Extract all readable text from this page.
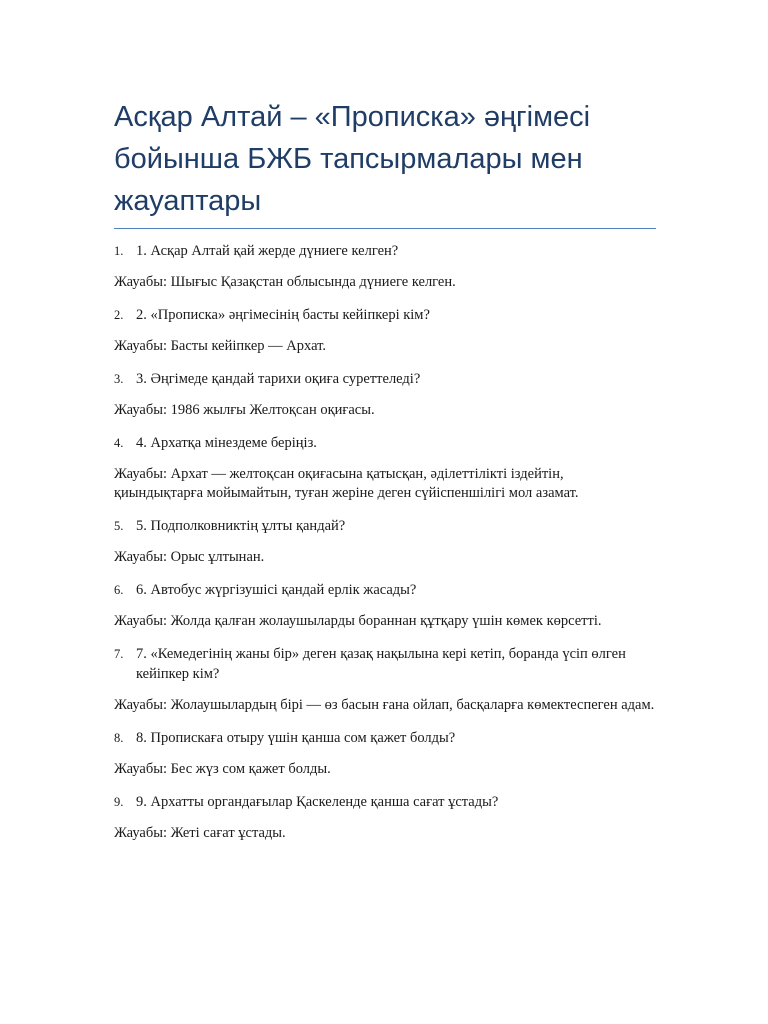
Асқар Алтай – «Прописка» әңгімесі бойынша БЖБ тапсырмалары мен жауаптары
1. 1. Асқар Алтай қай жерде дүниеге келген?
Жауабы: Шығыс Қазақстан облысында дүниеге келген.
2. 2. «Прописка» әңгімесінің басты кейіпкері кім?
Жауабы: Басты кейіпкер — Архат.
3. 3. Әңгімеде қандай тарихи оқиға суреттеледі?
Жауабы: 1986 жылғы Желтоқсан оқиғасы.
4. 4. Архатқа мінездеме беріңіз.
Жауабы: Архат — желтоқсан оқиғасына қатысқан, әділеттілікті іздейтін, қиындықтарға мойымайтын, туған жеріне деген сүйіспеншілігі мол азамат.
5. 5. Подполковниктің ұлты қандай?
Жауабы: Орыс ұлтынан.
6. 6. Автобус жүргізушісі қандай ерлік жасады?
Жауабы: Жолда қалған жолаушыларды бораннан құтқару үшін көмек көрсетті.
7. 7. «Кемедегінің жаны бір» деген қазақ нақылына кері кетіп, боранда үсіп өлген кейіпкер кім?
Жауабы: Жолаушылардың бірі — өз басын ғана ойлап, басқаларға көмектеспеген адам.
8. 8. Пропискаға отыру үшін қанша сом қажет болды?
Жауабы: Бес жүз сом қажет болды.
9. 9. Архатты органдағылар Қаскеленде қанша сағат ұстады?
Жауабы: Жеті сағат ұстады.
